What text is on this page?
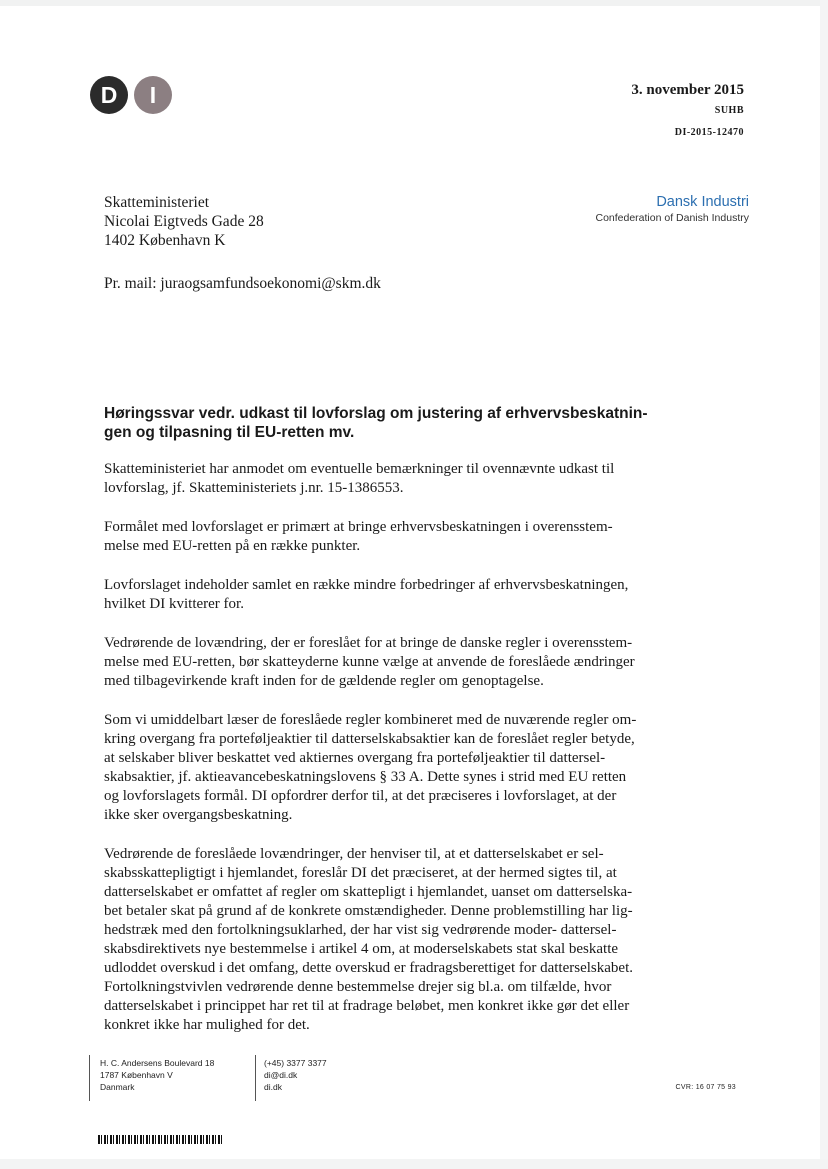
D	I	3. november 2015
SUHB
DI-2015-12470
Skatteministeriet
Nicolai Eigtveds Gade 28
1402 København K
Dansk Industri
Confederation of Danish Industry
Pr. mail: juraogsamfundsoekonomi@skm.dk
Høringssvar vedr. udkast til lovforslag om justering af erhvervsbeskatnin-
gen og tilpasning til EU-retten mv.

Skatteministeriet har anmodet om eventuelle bemærkninger til ovennævnte udkast til
lovforslag, jf. Skatteministeriets j.nr. 15-1386553.

Formålet med lovforslaget er primært at bringe erhvervsbeskatningen i overensstem-
melse med EU-retten på en række punkter.

Lovforslaget indeholder samlet en række mindre forbedringer af erhvervsbeskatningen,
hvilket DI kvitterer for.

Vedrørende de lovændring, der er foreslået for at bringe de danske regler i overensstem-
melse med EU-retten, bør skatteyderne kunne vælge at anvende de foreslåede ændringer
med tilbagevirkende kraft inden for de gældende regler om genoptagelse.

Som vi umiddelbart læser de foreslåede regler kombineret med de nuværende regler om-
kring overgang fra porteføljeaktier til datterselskabsaktier kan de foreslået regler betyde,
at selskaber bliver beskattet ved aktiernes overgang fra porteføljeaktier til dattersel-
skabsaktier, jf. aktieavancebeskatningslovens § 33 A. Dette synes i strid med EU retten
og lovforslagets formål. DI opfordrer derfor til, at det præciseres i lovforslaget, at der
ikke sker overgangsbeskatning.

Vedrørende de foreslåede lovændringer, der henviser til, at et datterselskabet er sel-
skabsskattepligtigt i hjemlandet, foreslår DI det præciseret, at der hermed sigtes til, at
datterselskabet er omfattet af regler om skattepligt i hjemlandet, uanset om datterselska-
bet betaler skat på grund af de konkrete omstændigheder. Denne problemstilling har lig-
hedstræk med den fortolkningsuklarhed, der har vist sig vedrørende moder- dattersel-
skabsdirektivets nye bestemmelse i artikel 4 om, at moderselskabets stat skal beskatte
udloddet overskud i det omfang, dette overskud er fradragsberettiget for datterselskabet.
Fortolkningstvivlen vedrørende denne bestemmelse drejer sig bl.a. om tilfælde, hvor
datterselskabet i princippet har ret til at fradrage beløbet, men konkret ikke gør det eller
konkret ikke har mulighed for det.

H. C. Andersens Boulevard 18
1787 København V
Danmark
(+45) 3377 3377
di@di.dk
di.dk	CVR: 16 07 75 93
